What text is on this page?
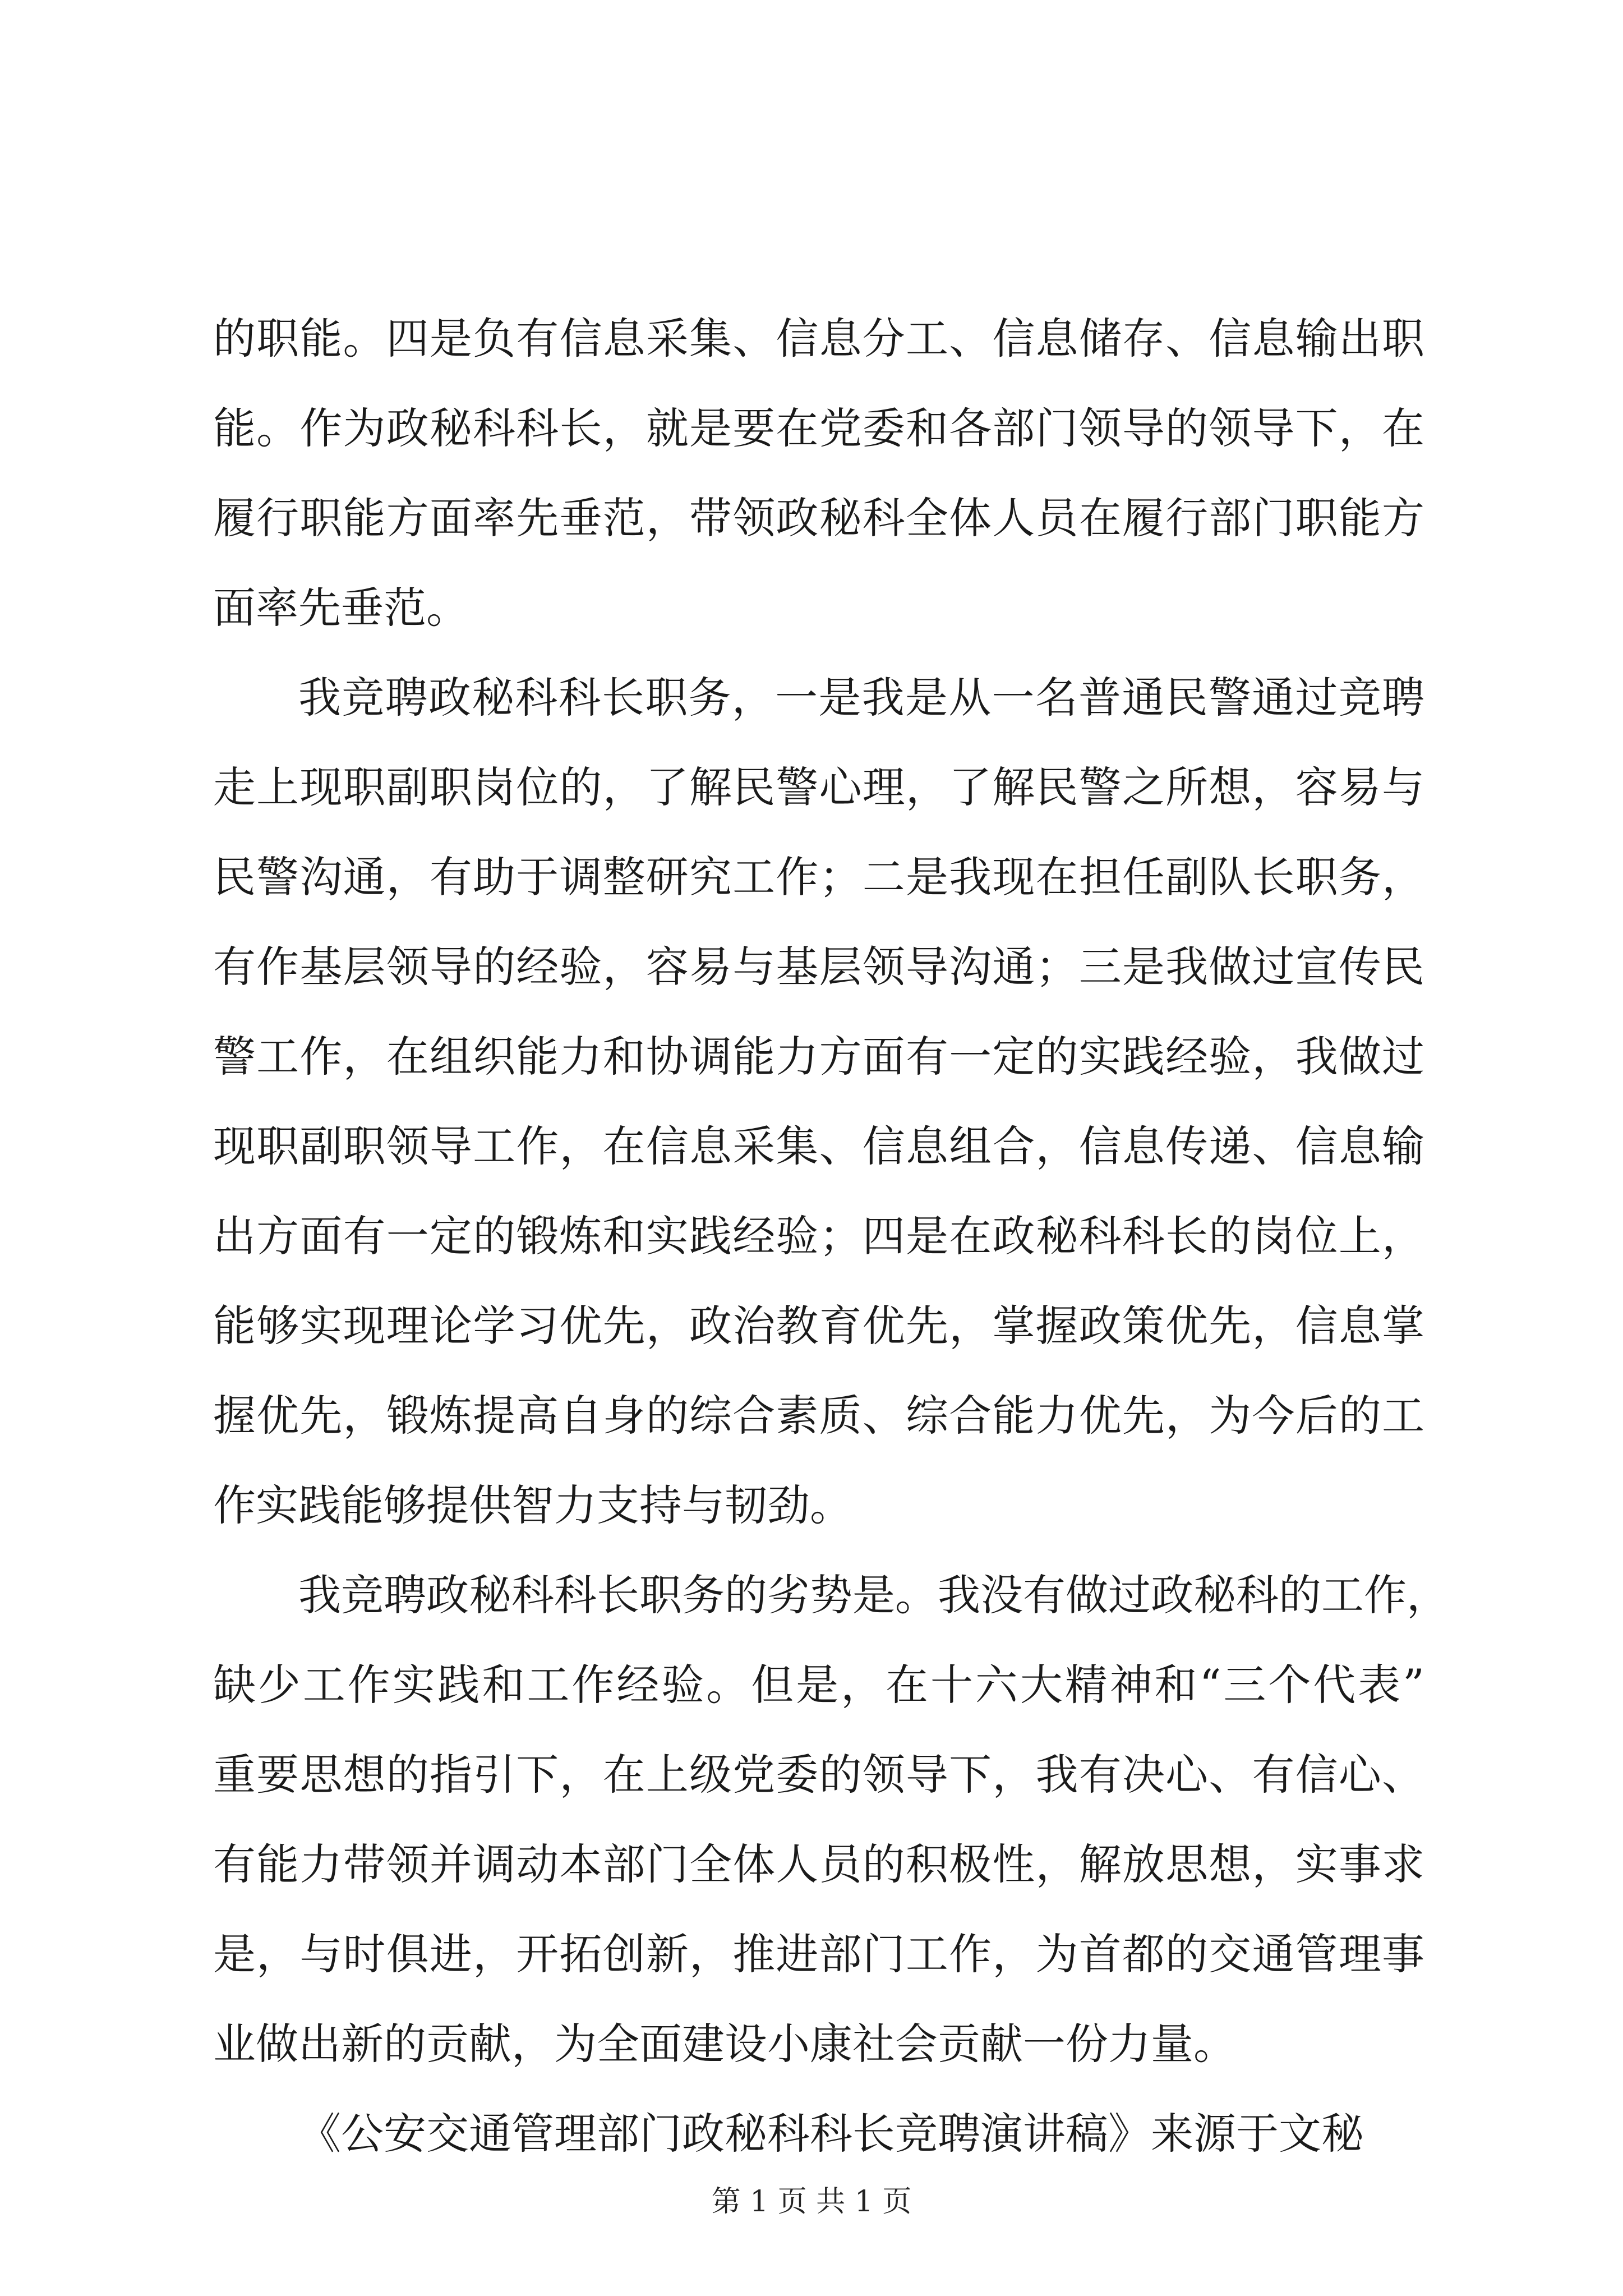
的职能。四是负有信息采集、信息分工、信息储存、信息输出职

能。作为政秘科科长，就是要在党委和各部门领导的领导下，在

履行职能方面率先垂范，带领政秘科全体人员在履行部门职能方

面率先垂范。

我竞聘政秘科科长职务，一是我是从一名普通民警通过竞聘

走上现职副职岗位的，了解民警心理，了解民警之所想，容易与

民警沟通，有助于调整研究工作；二是我现在担任副队长职务，

有作基层领导的经验，容易与基层领导沟通；三是我做过宣传民

警工作，在组织能力和协调能力方面有一定的实践经验，我做过

现职副职领导工作，在信息采集、信息组合，信息传递、信息输

出方面有一定的锻炼和实践经验；四是在政秘科科长的岗位上，

能够实现理论学习优先，政治教育优先，掌握政策优先，信息掌

握优先，锻炼提高自身的综合素质、综合能力优先，为今后的工

作实践能够提供智力支持与韧劲。

我竞聘政秘科科长职务的劣势是。我没有做过政秘科的工作，

缺少工作实践和工作经验。但是，在十六大精神和“三个代表”

重要思想的指引下，在上级党委的领导下，我有决心、有信心、

有能力带领并调动本部门全体人员的积极性，解放思想，实事求

是，与时俱进，开拓创新，推进部门工作，为首都的交通管理事

业做出新的贡献，为全面建设小康社会贡献一份力量。

《公安交通管理部门政秘科科长竞聘演讲稿》来源于文秘

第 1 页 共 1 页
